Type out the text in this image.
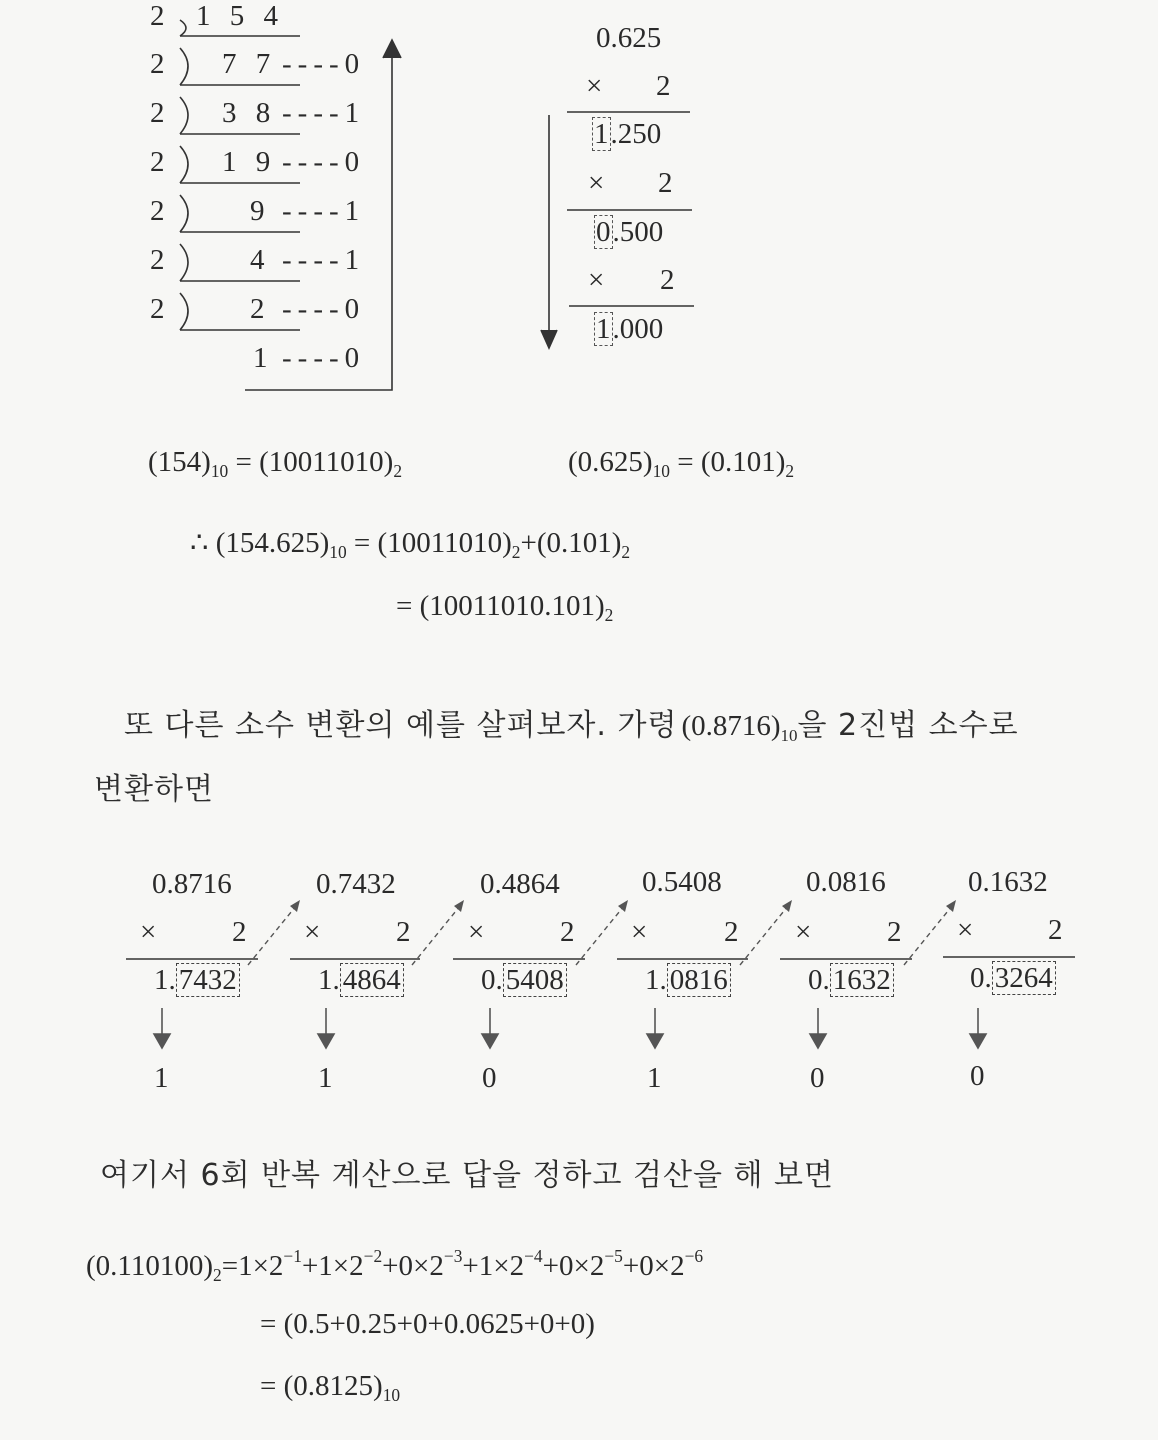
2 1 5 4
2 7 7 ----0
2 3 8 ----1
2 1 9 ----0
2	9 ----1
2	4 ----1
2	2 ----0
1 ----0
0.625
× 2
1.250
× 2
0.500
× 2
1.000
$(154)_{10} = (10011010)_2$	$(0.625)_{10} = (0.101)_2$
∴ $(154.625)_{10} = (10011010)_2+(0.101)_2$
= $(10011010.101)_2$
또 다른 소수 변환의 예를 살펴보자. 가령 $(0.8716)_{10}$을 2진법 소수로
변환하면
0.8716	0.7432	0.4864	0.5408	0.0816	0.1632
×	2 ×	2 ×	2 ×	2 ×	2 ×	2
1. 7432	1. 4864	0. 5408	1. 0816	0. 1632	0. 3264
1	1	0	1	0	0
여기서 6회 반복 계산으로 답을 정하고 검산을 해 보면
$(0.110100)_2=1\times 2^{-1}+1\times 2^{-2}+0\times 2^{-3}+1\times 2^{-4}+0\times 2^{-5}+0\times 2^{-6}$
= (0.5+0.25+0+0.0625+0+0)
= $(0.8125)_{10}$
